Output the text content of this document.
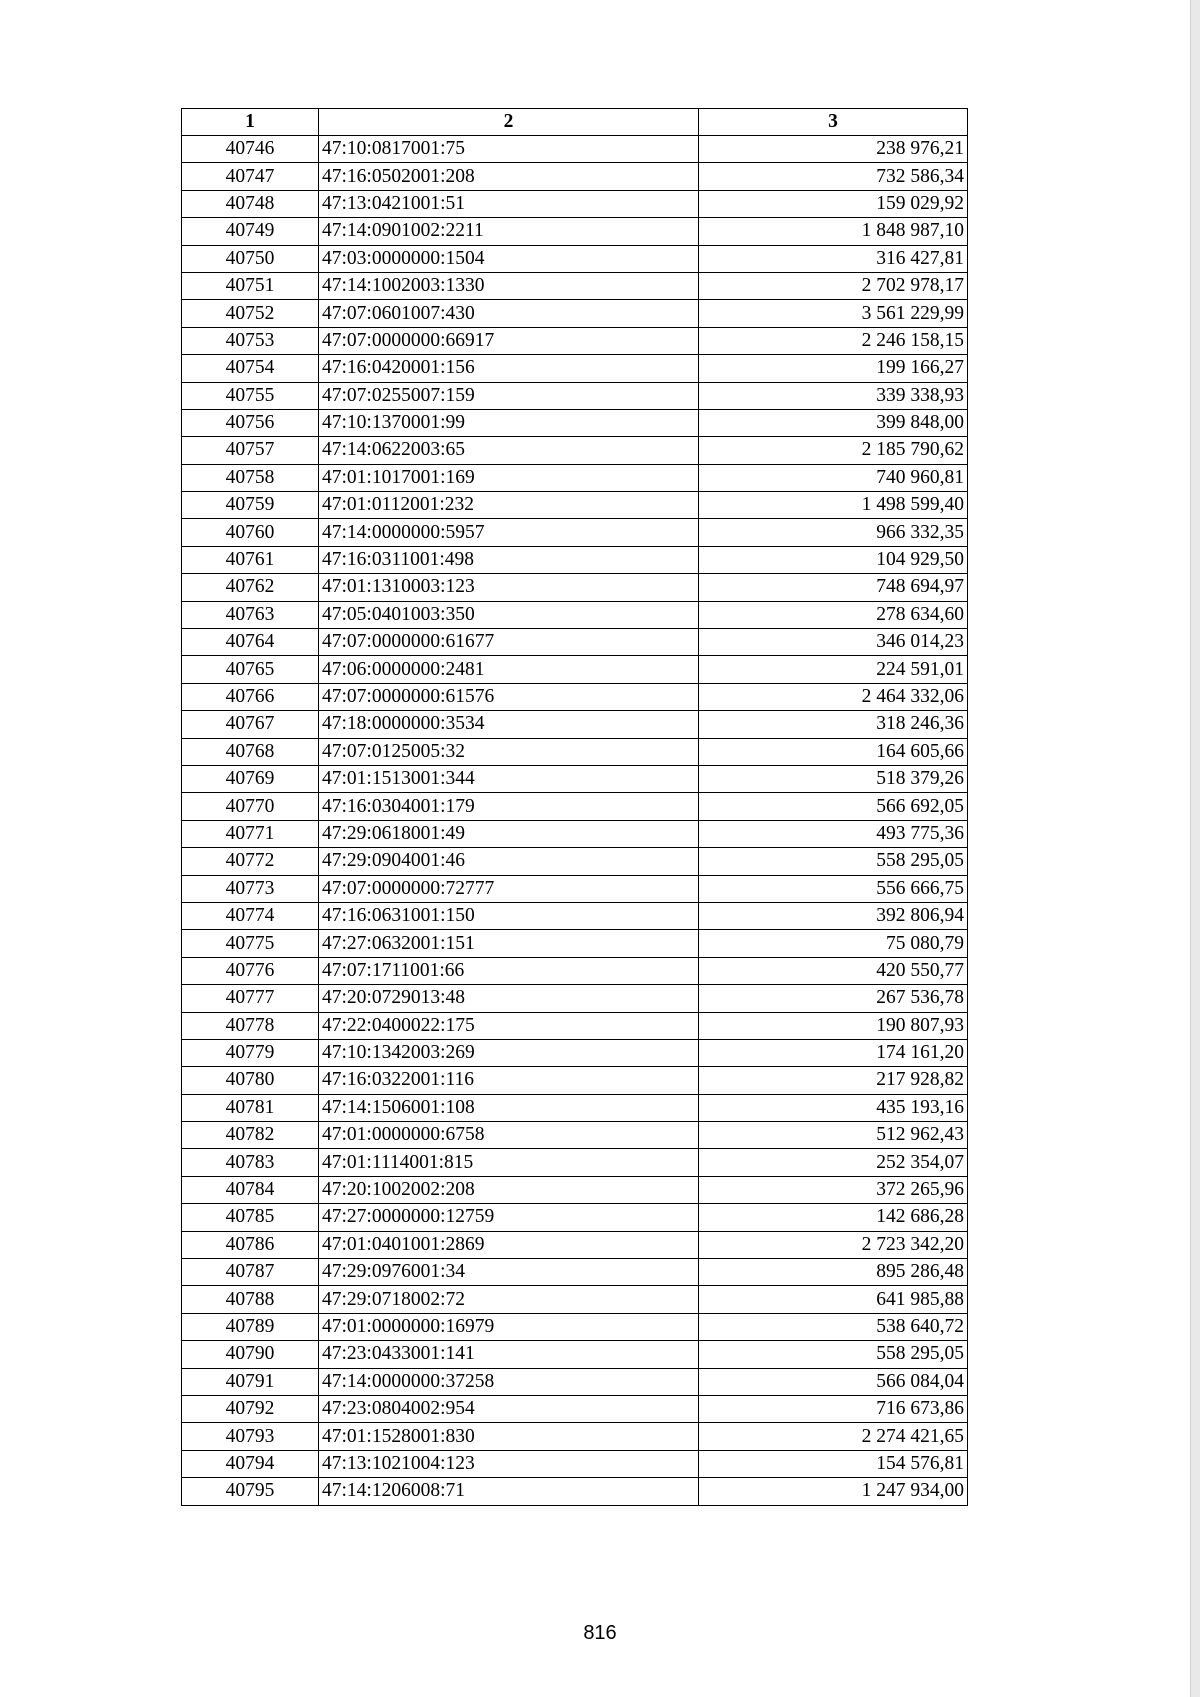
1	2	3
40746	47:10:0817001:75	238 976,21
40747	47:16:0502001:208	732 586,34
40748	47:13:0421001:51	159 029,92
40749	47:14:0901002:2211	1 848 987,10
40750	47:03:0000000:1504	316 427,81
40751	47:14:1002003:1330	2 702 978,17
40752	47:07:0601007:430	3 561 229,99
40753	47:07:0000000:66917	2 246 158,15
40754	47:16:0420001:156	199 166,27
40755	47:07:0255007:159	339 338,93
40756	47:10:1370001:99	399 848,00
40757	47:14:0622003:65	2 185 790,62
40758	47:01:1017001:169	740 960,81
40759	47:01:0112001:232	1 498 599,40
40760	47:14:0000000:5957	966 332,35
40761	47:16:0311001:498	104 929,50
40762	47:01:1310003:123	748 694,97
40763	47:05:0401003:350	278 634,60
40764	47:07:0000000:61677	346 014,23
40765	47:06:0000000:2481	224 591,01
40766	47:07:0000000:61576	2 464 332,06
40767	47:18:0000000:3534	318 246,36
40768	47:07:0125005:32	164 605,66
40769	47:01:1513001:344	518 379,26
40770	47:16:0304001:179	566 692,05
40771	47:29:0618001:49	493 775,36
40772	47:29:0904001:46	558 295,05
40773	47:07:0000000:72777	556 666,75
40774	47:16:0631001:150	392 806,94
40775	47:27:0632001:151	75 080,79
40776	47:07:1711001:66	420 550,77
40777	47:20:0729013:48	267 536,78
40778	47:22:0400022:175	190 807,93
40779	47:10:1342003:269	174 161,20
40780	47:16:0322001:116	217 928,82
40781	47:14:1506001:108	435 193,16
40782	47:01:0000000:6758	512 962,43
40783	47:01:1114001:815	252 354,07
40784	47:20:1002002:208	372 265,96
40785	47:27:0000000:12759	142 686,28
40786	47:01:0401001:2869	2 723 342,20
40787	47:29:0976001:34	895 286,48
40788	47:29:0718002:72	641 985,88
40789	47:01:0000000:16979	538 640,72
40790	47:23:0433001:141	558 295,05
40791	47:14:0000000:37258	566 084,04
40792	47:23:0804002:954	716 673,86
40793	47:01:1528001:830	2 274 421,65
40794	47:13:1021004:123	154 576,81
40795	47:14:1206008:71	1 247 934,00
816
